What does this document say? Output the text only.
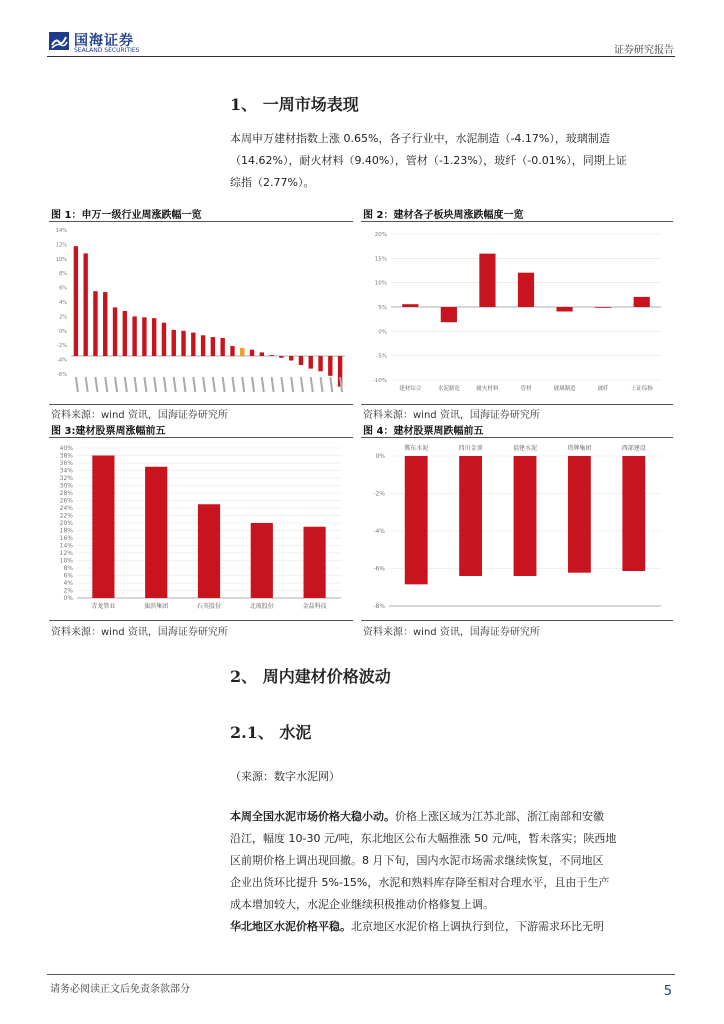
国海证券
SEALAND SECURITIES	证券研究报告
1、 一周市场表现
本周申万建材指数上涨 0.65%，各子行业中，水泥制造（-4.17%），玻璃制造
（14.62%），耐火材料（9.40%），管材（-1.23%），玻纤（-0.01%），同期上证
综指（2.77%）。
图 1：申万一级行业周涨跌幅一览	图 2：建材各子板块周涨跌幅度一览
14%
12%
10%
8%
6%
4%
2%
0%
-2%
-4%
-6%
20%
15%
10%
5%
0%
-5%
-10%
建材综合	水泥制造	耐火材料	管材	玻璃制造	玻纤	上证综指
资料来源：wind 资讯，国海证券研究所	资料来源：wind 资讯，国海证券研究所
图 3:建材股票周涨幅前五	图 4：建材股票周跌幅前五
40%
38%
36%
34%
32%
30%
28%
26%
24%
22%
20%
18%
16%
14%
12%
10%
8%
6%
4%
2%
0%
青龙管业	旗滨集团	石英股份	北玻股份	金晶科技
0%
-2%
-4%
-6%
-8%
冀东水泥	四川金顶	福建水泥	塔牌集团	西部建设
资料来源：wind 资讯，国海证券研究所	资料来源：wind 资讯，国海证券研究所
2、 周内建材价格波动
2.1、 水泥
（来源：数字水泥网）
本周全国水泥市场价格大稳小动。价格上涨区域为江苏北部、浙江南部和安徽
沿江，幅度 10-30 元/吨，东北地区公布大幅推涨 50 元/吨，暂未落实；陕西地
区前期价格上调出现回撤。8 月下旬，国内水泥市场需求继续恢复，不同地区
企业出货环比提升 5%-15%，水泥和熟料库存降至相对合理水平，且由于生产
成本增加较大，水泥企业继续积极推动价格修复上调。
华北地区水泥价格平稳。北京地区水泥价格上调执行到位，下游需求环比无明
请务必阅读正文后免责条款部分	5
